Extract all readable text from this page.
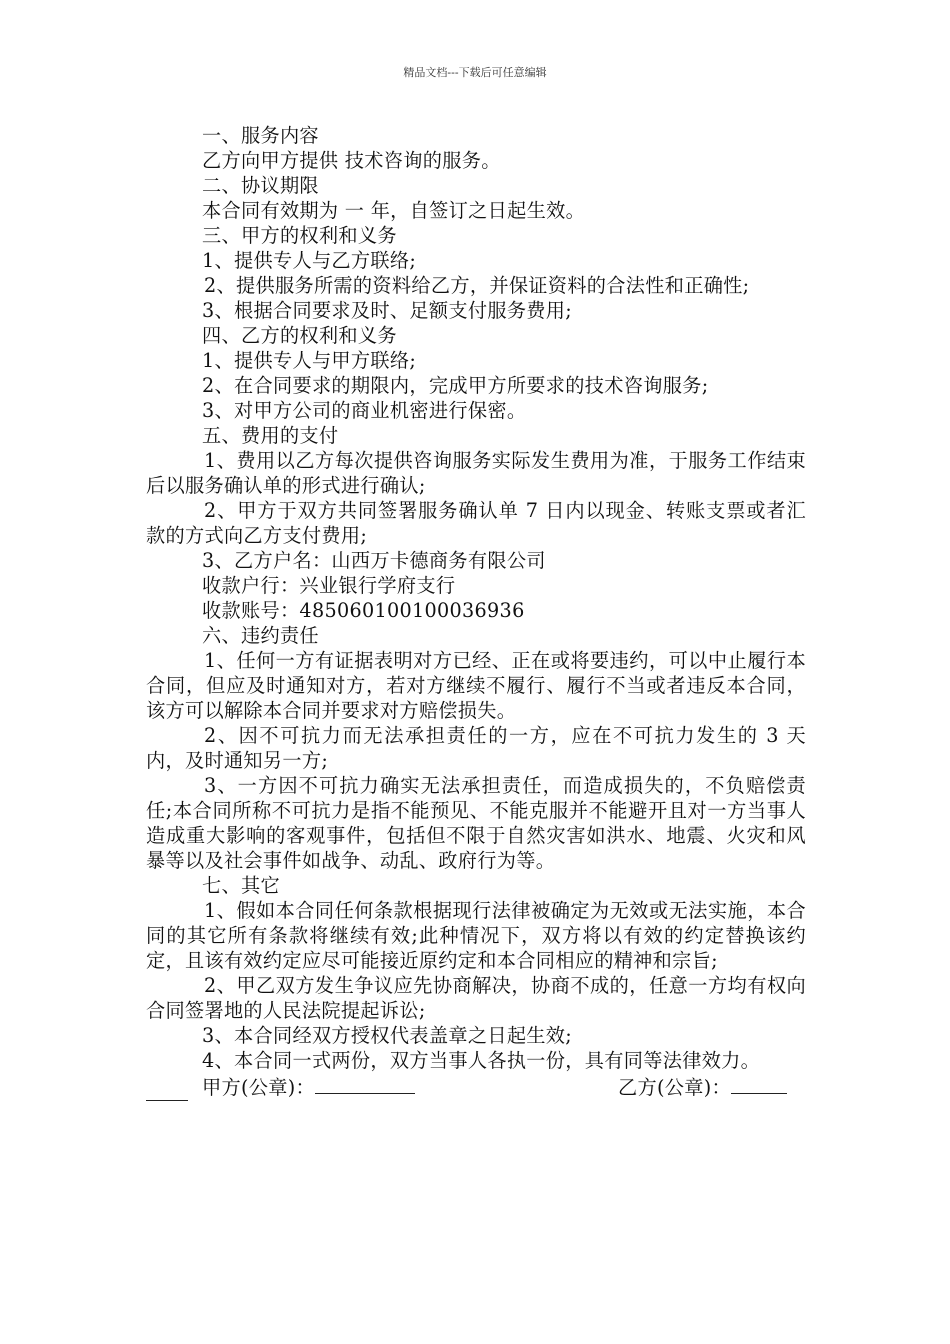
精品文档---下载后可任意编辑

一、服务内容

乙方向甲方提供 技术咨询的服务。

二、协议期限

本合同有效期为 一 年，自签订之日起生效。

三、甲方的权利和义务

1、提供专人与乙方联络;

2、提供服务所需的资料给乙方，并保证资料的合法性和正确性;

3、根据合同要求及时、足额支付服务费用;

四、乙方的权利和义务

1、提供专人与甲方联络;

2、在合同要求的期限内，完成甲方所要求的技术咨询服务;

3、对甲方公司的商业机密进行保密。

五、费用的支付

1、费用以乙方每次提供咨询服务实际发生费用为准，于服务工作结束后以服务确认单的形式进行确认;

2、甲方于双方共同签署服务确认单 7 日内以现金、转账支票或者汇款的方式向乙方支付费用;

3、乙方户名：山西万卡德商务有限公司

收款户行：兴业银行学府支行

收款账号：485060100100036936

六、违约责任

1、任何一方有证据表明对方已经、正在或将要违约，可以中止履行本合同，但应及时通知对方，若对方继续不履行、履行不当或者违反本合同，该方可以解除本合同并要求对方赔偿损失。

2、因不可抗力而无法承担责任的一方，应在不可抗力发生的 3 天内，及时通知另一方;

3、一方因不可抗力确实无法承担责任，而造成损失的，不负赔偿责任;本合同所称不可抗力是指不能预见、不能克服并不能避开且对一方当事人造成重大影响的客观事件，包括但不限于自然灾害如洪水、地震、火灾和风暴等以及社会事件如战争、动乱、政府行为等。

七、其它

1、假如本合同任何条款根据现行法律被确定为无效或无法实施，本合同的其它所有条款将继续有效;此种情况下，双方将以有效的约定替换该约定，且该有效约定应尽可能接近原约定和本合同相应的精神和宗旨;

2、甲乙双方发生争议应先协商解决，协商不成的，任意一方均有权向合同签署地的人民法院提起诉讼;

3、本合同经双方授权代表盖章之日起生效;

4、本合同一式两份，双方当事人各执一份，具有同等法律效力。

甲方(公章)：	乙方(公章)：
